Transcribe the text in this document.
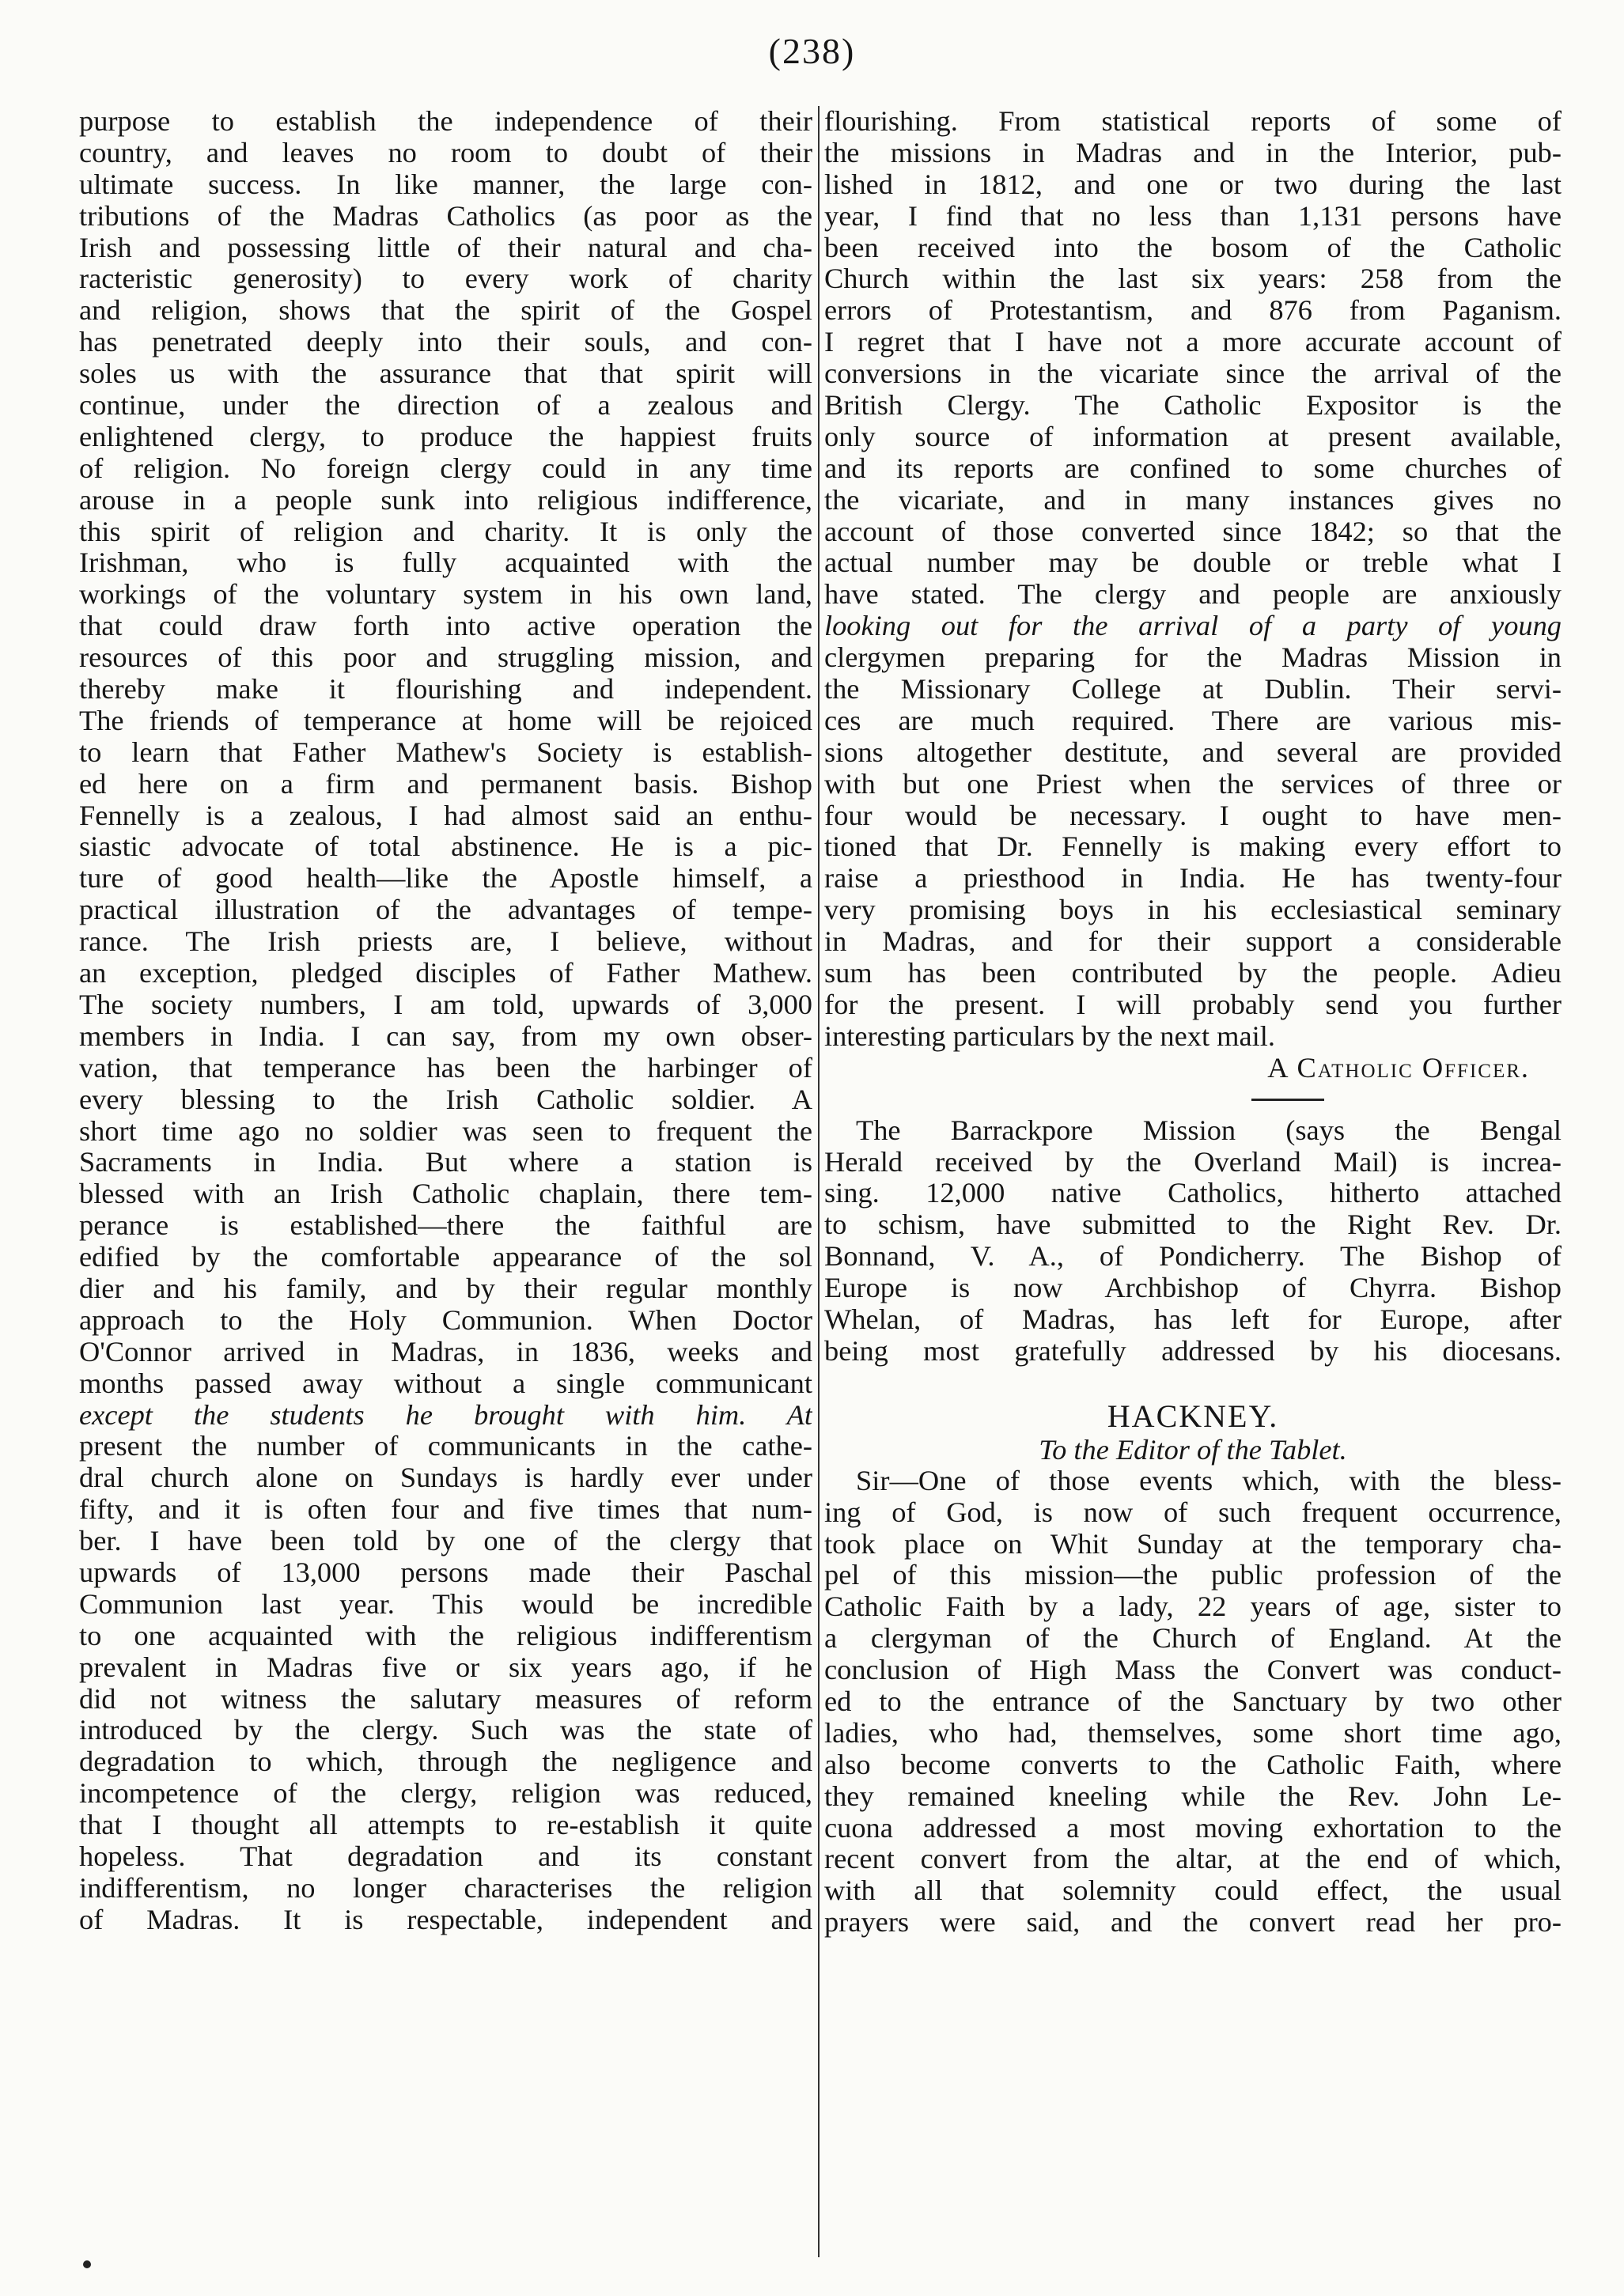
(238)
purpose to establish the independence of their
country, and leaves no room to doubt of their
ultimate success. In like manner, the large con-
tributions of the Madras Catholics (as poor as the
Irish and possessing little of their natural and cha-
racteristic generosity) to every work of charity
and religion, shows that the spirit of the Gospel
has penetrated deeply into their souls, and con-
soles us with the assurance that that spirit will
continue, under the direction of a zealous and
enlightened clergy, to produce the happiest fruits
of religion. No foreign clergy could in any time
arouse in a people sunk into religious indifference,
this spirit of religion and charity. It is only the
Irishman, who is fully acquainted with the
workings of the voluntary system in his own land,
that could draw forth into active operation the
resources of this poor and struggling mission, and
thereby make it flourishing and independent.
The friends of temperance at home will be rejoiced
to learn that Father Mathew's Society is establish-
ed here on a firm and permanent basis. Bishop
Fennelly is a zealous, I had almost said an enthu-
siastic advocate of total abstinence. He is a pic-
ture of good health—like the Apostle himself, a
practical illustration of the advantages of tempe-
rance. The Irish priests are, I believe, without
an exception, pledged disciples of Father Mathew.
The society numbers, I am told, upwards of 3,000
members in India. I can say, from my own obser-
vation, that temperance has been the harbinger of
every blessing to the Irish Catholic soldier. A
short time ago no soldier was seen to frequent the
Sacraments in India. But where a station is
blessed with an Irish Catholic chaplain, there tem-
perance is established—there the faithful are
edified by the comfortable appearance of the sol
dier and his family, and by their regular monthly
approach to the Holy Communion. When Doctor
O'Connor arrived in Madras, in 1836, weeks and
months passed away without a single communicant
except the students he brought with him. At
present the number of communicants in the cathe-
dral church alone on Sundays is hardly ever under
fifty, and it is often four and five times that num-
ber. I have been told by one of the clergy that
upwards of 13,000 persons made their Paschal
Communion last year. This would be incredible
to one acquainted with the religious indifferentism
prevalent in Madras five or six years ago, if he
did not witness the salutary measures of reform
introduced by the clergy. Such was the state of
degradation to which, through the negligence and
incompetence of the clergy, religion was reduced,
that I thought all attempts to re-establish it quite
hopeless. That degradation and its constant
indifferentism, no longer characterises the religion
of Madras. It is respectable, independent and
flourishing. From statistical reports of some of
the missions in Madras and in the Interior, pub-
lished in 1812, and one or two during the last
year, I find that no less than 1,131 persons have
been received into the bosom of the Catholic
Church within the last six years: 258 from the
errors of Protestantism, and 876 from Paganism.
I regret that I have not a more accurate account of
conversions in the vicariate since the arrival of the
British Clergy. The Catholic Expositor is the
only source of information at present available,
and its reports are confined to some churches of
the vicariate, and in many instances gives no
account of those converted since 1842; so that the
actual number may be double or treble what I
have stated. The clergy and people are anxiously
looking out for the arrival of a party of young
clergymen preparing for the Madras Mission in
the Missionary College at Dublin. Their servi-
ces are much required. There are various mis-
sions altogether destitute, and several are provided
with but one Priest when the services of three or
four would be necessary. I ought to have men-
tioned that Dr. Fennelly is making every effort to
raise a priesthood in India. He has twenty-four
very promising boys in his ecclesiastical seminary
in Madras, and for their support a considerable
sum has been contributed by the people. Adieu
for the present. I will probably send you further
interesting particulars by the next mail.
A Catholic Officer.
The Barrackpore Mission (says the Bengal
Herald received by the Overland Mail) is increa-
sing. 12,000 native Catholics, hitherto attached
to schism, have submitted to the Right Rev. Dr.
Bonnand, V. A., of Pondicherry. The Bishop of
Europe is now Archbishop of Chyrra. Bishop
Whelan, of Madras, has left for Europe, after
being most gratefully addressed by his diocesans.
HACKNEY.
To the Editor of the Tablet.
Sir—One of those events which, with the bless-
ing of God, is now of such frequent occurrence,
took place on Whit Sunday at the temporary cha-
pel of this mission—the public profession of the
Catholic Faith by a lady, 22 years of age, sister to
a clergyman of the Church of England. At the
conclusion of High Mass the Convert was conduct-
ed to the entrance of the Sanctuary by two other
ladies, who had, themselves, some short time ago,
also become converts to the Catholic Faith, where
they remained kneeling while the Rev. John Le-
cuona addressed a most moving exhortation to the
recent convert from the altar, at the end of which,
with all that solemnity could effect, the usual
prayers were said, and the convert read her pro-
